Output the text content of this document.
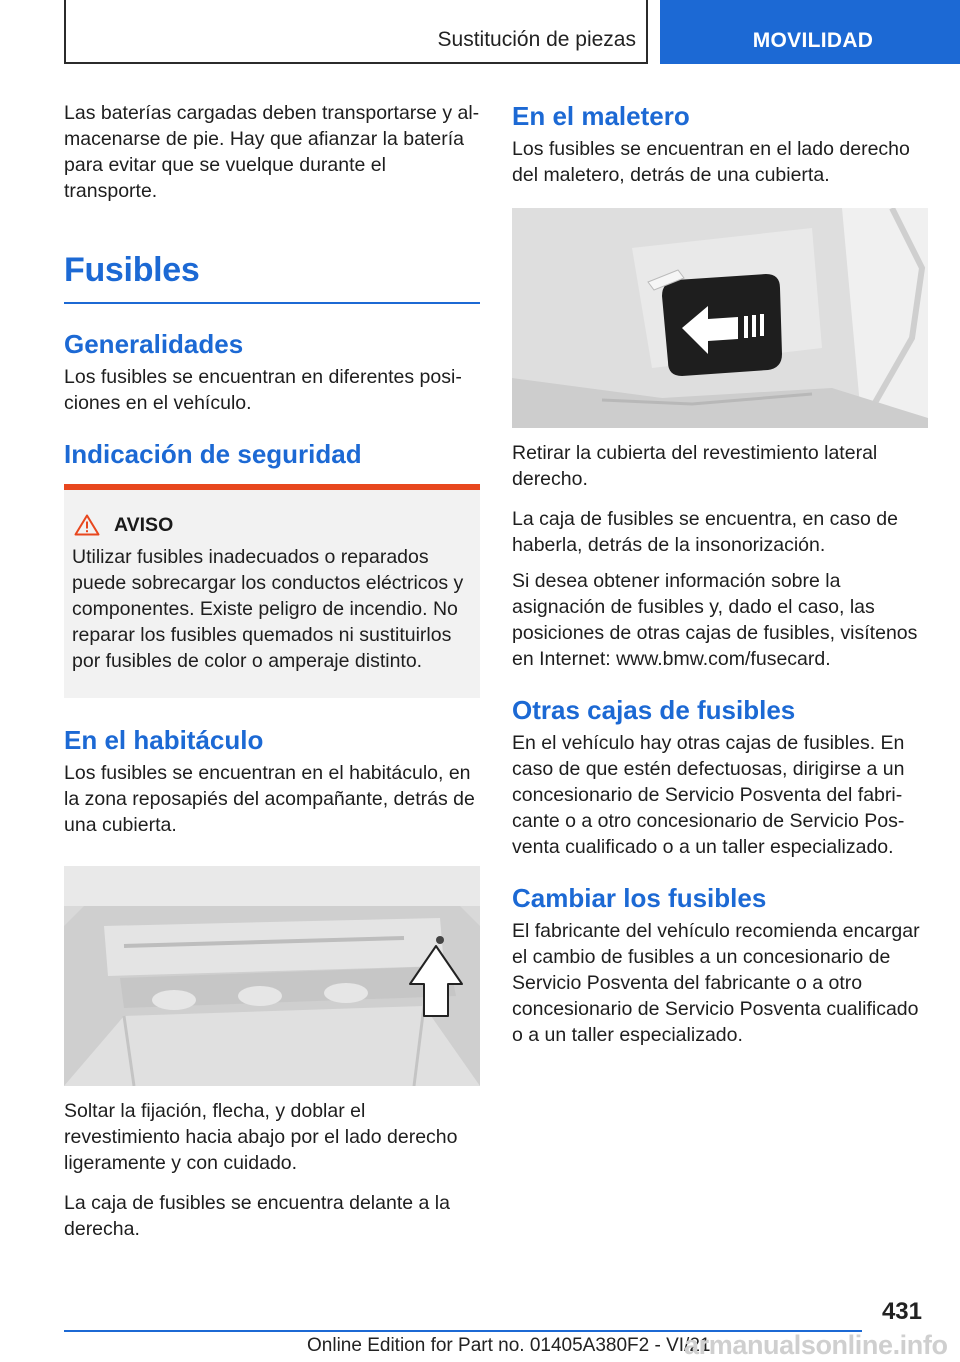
Sustitución de piezas	MOVILIDAD

Las baterías cargadas deben transportarse y almacenarse de pie. Hay que afianzar la batería para evitar que se vuelque durante el transporte.

Fusibles
Generalidades

Los fusibles se encuentran en diferentes posiciones en el vehículo.

Indicación de seguridad
AVISO

Utilizar fusibles inadecuados o reparados puede sobrecargar los conductos eléctricos y componentes. Existe peligro de incendio. No reparar los fusibles quemados ni sustituirlos por fusibles de color o amperaje distinto.

En el habitáculo

Los fusibles se encuentran en el habitáculo, en la zona reposapiés del acompañante, detrás de una cubierta.

Soltar la fijación, flecha, y doblar el revestimiento hacia abajo por el lado derecho ligeramente y con cuidado.

La caja de fusibles se encuentra delante a la derecha.

En el maletero

Los fusibles se encuentran en el lado derecho del maletero, detrás de una cubierta.

Retirar la cubierta del revestimiento lateral derecho.

La caja de fusibles se encuentra, en caso de haberla, detrás de la insonorización.

Si desea obtener información sobre la asignación de fusibles y, dado el caso, las posiciones de otras cajas de fusibles, visítenos en Internet: www.bmw.com/fusecard.

Otras cajas de fusibles

En el vehículo hay otras cajas de fusibles. En caso de que estén defectuosas, dirigirse a un concesionario de Servicio Posventa del fabricante o a otro concesionario de Servicio Posventa cualificado o a un taller especializado.

Cambiar los fusibles

El fabricante del vehículo recomienda encargar el cambio de fusibles a un concesionario de Servicio Posventa del fabricante o a otro concesionario de Servicio Posventa cualificado o a un taller especializado.

431
Online Edition for Part no. 01405A380F2 - VI/21
armanualsonline.info
